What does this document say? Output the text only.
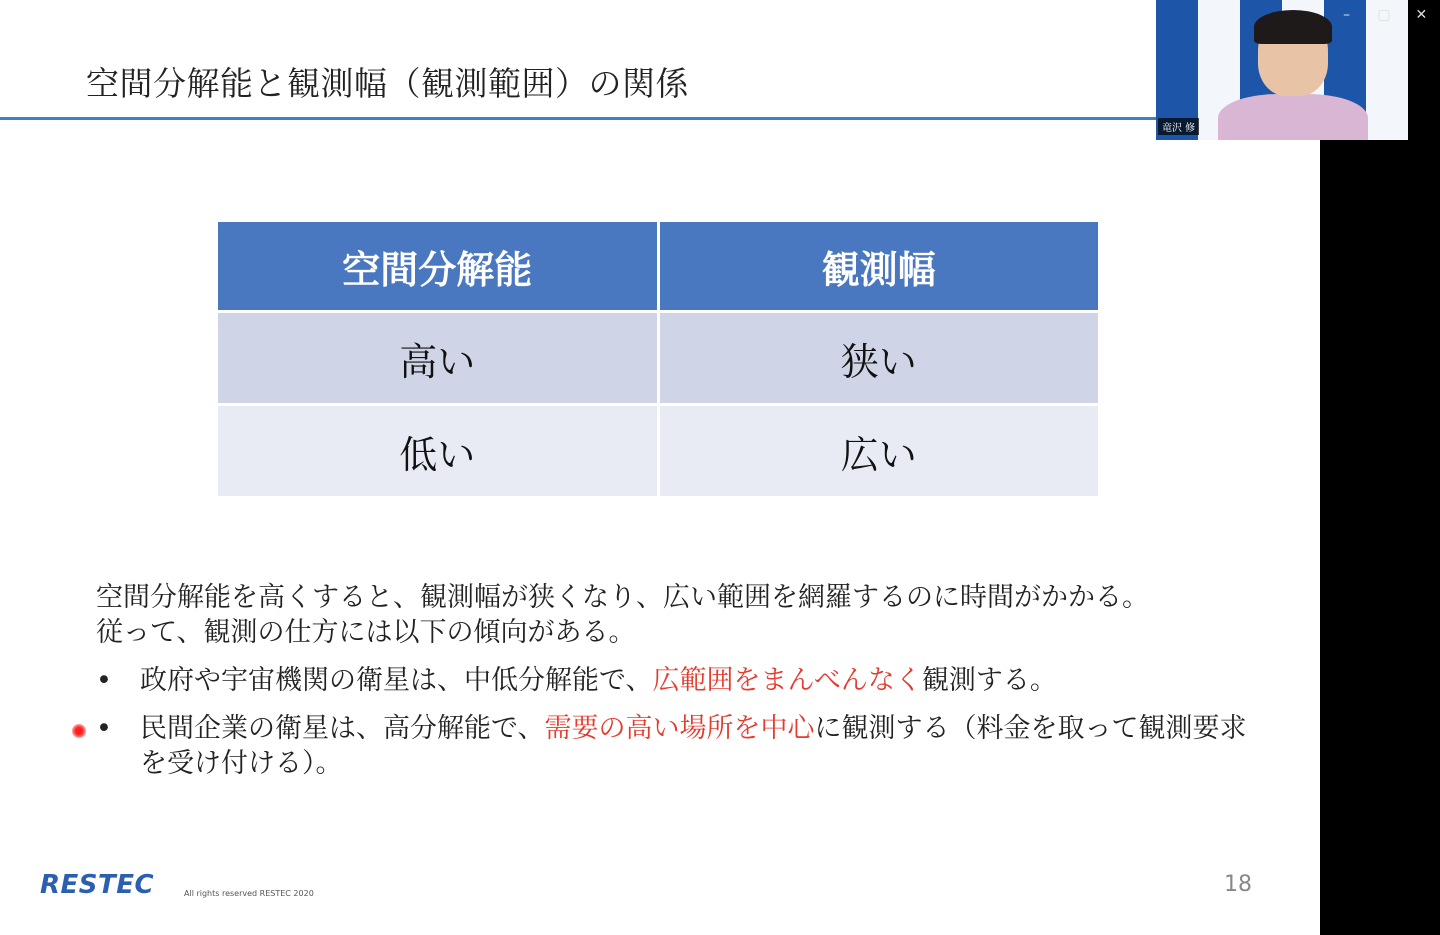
空間分解能と観測幅（観測範囲）の関係
空間分解能	観測幅
高い	狭い
低い	広い

空間分解能を高くすると、観測幅が狭くなり、広い範囲を網羅するのに時間がかかる。

従って、観測の仕方には以下の傾向がある。

• 政府や宇宙機関の衛星は、中低分解能で、広範囲をまんべんなく観測する。
• 民間企業の衛星は、高分解能で、需要の高い場所を中心に観測する（料金を取って観測要求を受け付ける）。
RESTEC	All rights reserved RESTEC 2020	18
竜沢 修
–	▢	✕
